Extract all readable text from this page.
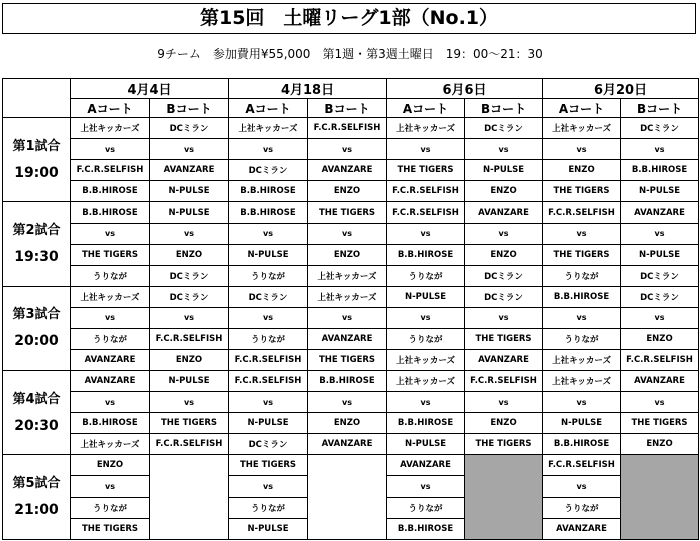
第15回　土曜リーグ1部（No.1）
9チーム　参加費用¥55,000　第1週・第3週土曜日　19：00〜21：30
	4月4日		4月18日		6月6日		6月20日	
	Aコート	Bコート	Aコート	Bコート	Aコート	Bコート	Aコート	Bコート

第1試合
19:00	上社キッカーズ	DCミラン	上社キッカーズ	F.C.R.SELFISH	上社キッカーズ	DCミラン	上社キッカーズ	DCミラン
	vs	vs	vs	vs	vs	vs	vs	vs
	F.C.R.SELFISH	AVANZARE	DCミラン	AVANZARE	THE TIGERS	N-PULSE	ENZO	B.B.HIROSE
	B.B.HIROSE	N-PULSE	B.B.HIROSE	ENZO	F.C.R.SELFISH	ENZO	THE TIGERS	N-PULSE

第2試合
19:30	B.B.HIROSE	N-PULSE	B.B.HIROSE	THE TIGERS	F.C.R.SELFISH	AVANZARE	F.C.R.SELFISH	AVANZARE
	vs	vs	vs	vs	vs	vs	vs	vs
	THE TIGERS	ENZO	N-PULSE	ENZO	B.B.HIROSE	ENZO	THE TIGERS	N-PULSE
	うりなが	DCミラン	うりなが	上社キッカーズ	うりなが	DCミラン	うりなが	DCミラン

第3試合
20:00	上社キッカーズ	DCミラン	DCミラン	上社キッカーズ	N-PULSE	DCミラン	B.B.HIROSE	DCミラン
	vs	vs	vs	vs	vs	vs	vs	vs
	うりなが	F.C.R.SELFISH	うりなが	AVANZARE	うりなが	THE TIGERS	うりなが	ENZO
	AVANZARE	ENZO	F.C.R.SELFISH	THE TIGERS	上社キッカーズ	AVANZARE	上社キッカーズ	F.C.R.SELFISH

第4試合
20:30	AVANZARE	N-PULSE	F.C.R.SELFISH	B.B.HIROSE	上社キッカーズ	F.C.R.SELFISH	上社キッカーズ	AVANZARE
	vs	vs	vs	vs	vs	vs	vs	vs
	B.B.HIROSE	THE TIGERS	N-PULSE	ENZO	B.B.HIROSE	ENZO	N-PULSE	THE TIGERS
	上社キッカーズ	F.C.R.SELFISH	DCミラン	AVANZARE	N-PULSE	THE TIGERS	B.B.HIROSE	ENZO

第5試合
21:00	ENZO		THE TIGERS		AVANZARE		F.C.R.SELFISH	
	vs		vs		vs		vs	
	うりなが		うりなが		うりなが		うりなが	
	THE TIGERS		N-PULSE		B.B.HIROSE		AVANZARE	
